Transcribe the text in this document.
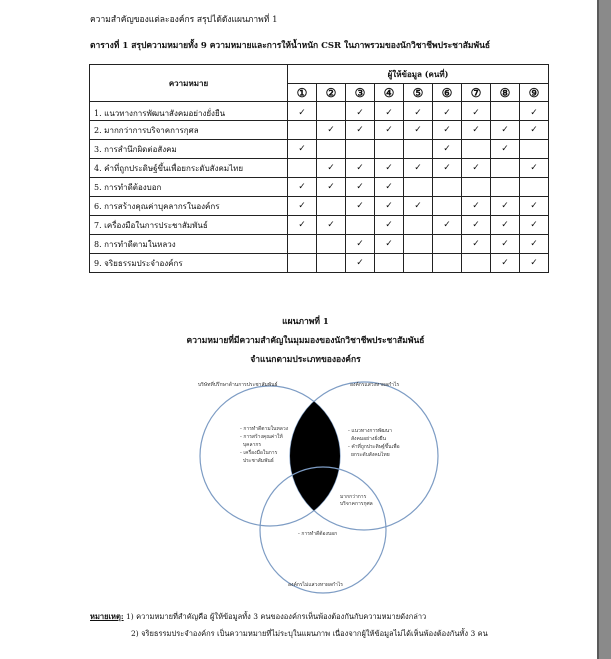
ความสำคัญของแต่ละองค์กร สรุปได้ดังแผนภาพที่ 1
ตารางที่ 1 สรุปความหมายทั้ง 9 ความหมายและการให้น้ำหนัก CSR ในภาพรวมของนักวิชาชีพประชาสัมพันธ์
ความหมาย	ผู้ให้ข้อมูล (คนที่)								
	①	②	③	④	⑤	⑥	⑦	⑧	⑨
1. แนวทางการพัฒนาสังคมอย่างยั่งยืน	✓		✓	✓	✓	✓	✓		✓
2. มากกว่าการบริจาคการกุศล		✓	✓	✓	✓	✓	✓	✓	✓
3. การสำนึกผิดต่อสังคม	✓					✓		✓	
4. คำที่ถูกประดิษฐ์ขึ้นเพื่อยกระดับสังคมไทย		✓	✓	✓	✓	✓	✓		✓
5. การทำดีต้องบอก	✓	✓	✓	✓					
6. การสร้างคุณค่าบุคลากรในองค์กร	✓		✓	✓	✓		✓	✓	✓
7. เครื่องมือในการประชาสัมพันธ์	✓	✓		✓		✓	✓	✓	✓
8. การทำดีตามในหลวง			✓	✓			✓	✓	✓
9. จริยธรรมประจำองค์กร			✓					✓	✓
แผนภาพที่ 1
ความหมายที่มีความสำคัญในมุมมองของนักวิชาชีพประชาสัมพันธ์
จำแนกตามประเภทขององค์กร
บริษัทที่ปรึกษาด้านการประชาสัมพันธ์	องค์กรแสวงหาผลกำไร
องค์กรไม่แสวงหาผลกำไร
- การทำดีตามในหลวง
- การสร้างคุณค่าให้
บุคลากร
- เครื่องมือในการ
ประชาสัมพันธ์
- แนวทางการพัฒนา
สังคมอย่างยั่งยืน
- คำที่ถูกประดิษฐ์ขึ้นเพื่อ
ยกระดับสังคมไทย
มากกว่าการ
บริจาคการกุศล
- การทำดีต้องบอก
หมายเหตุ: 1) ความหมายที่สำคัญคือ ผู้ให้ข้อมูลทั้ง 3 คนขององค์กรเห็นพ้องต้องกันกับความหมายดังกล่าว
2) จริยธรรมประจำองค์กร เป็นความหมายที่ไม่ระบุในแผนภาพ เนื่องจากผู้ให้ข้อมูลไม่ได้เห็นพ้องต้องกันทั้ง 3 คน
